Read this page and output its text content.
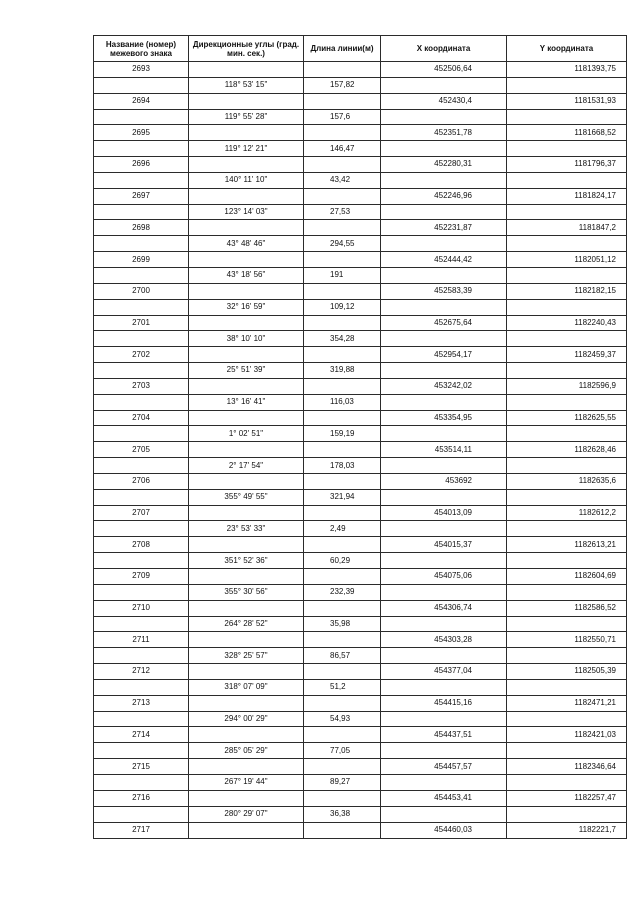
Название (номер) межевого знака	Дирекционные углы (град. мин. сек.)	Длина линии(м)	X координата	Y координата
2693			452506,64	1181393,75
	118° 53' 15"	157,82		
2694			452430,4	1181531,93
	119° 55' 28"	157,6		
2695			452351,78	1181668,52
	119° 12' 21"	146,47		
2696			452280,31	1181796,37
	140° 11' 10"	43,42		
2697			452246,96	1181824,17
	123° 14' 03"	27,53		
2698			452231,87	1181847,2
	43° 48' 46"	294,55		
2699			452444,42	1182051,12
	43° 18' 56"	191		
2700			452583,39	1182182,15
	32° 16' 59"	109,12		
2701			452675,64	1182240,43
	38° 10' 10"	354,28		
2702			452954,17	1182459,37
	25° 51' 39"	319,88		
2703			453242,02	1182596,9
	13° 16' 41"	116,03		
2704			453354,95	1182625,55
	1° 02' 51"	159,19		
2705			453514,11	1182628,46
	2° 17' 54"	178,03		
2706			453692	1182635,6
	355° 49' 55"	321,94		
2707			454013,09	1182612,2
	23° 53' 33"	2,49		
2708			454015,37	1182613,21
	351° 52' 36"	60,29		
2709			454075,06	1182604,69
	355° 30' 56"	232,39		
2710			454306,74	1182586,52
	264° 28' 52"	35,98		
2711			454303,28	1182550,71
	328° 25' 57"	86,57		
2712			454377,04	1182505,39
	318° 07' 09"	51,2		
2713			454415,16	1182471,21
	294° 00' 29"	54,93		
2714			454437,51	1182421,03
	285° 05' 29"	77,05		
2715			454457,57	1182346,64
	267° 19' 44"	89,27		
2716			454453,41	1182257,47
	280° 29' 07"	36,38		
2717			454460,03	1182221,7
